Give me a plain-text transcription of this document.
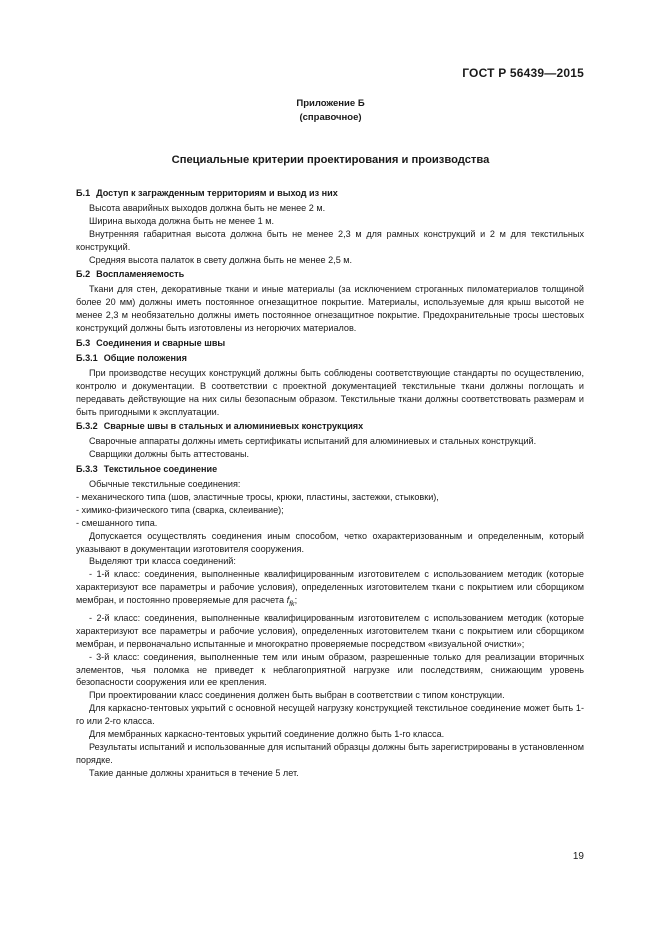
ГОСТ Р 56439—2015
Приложение Б
(справочное)
Специальные критерии проектирования и производства

Б.1 Доступ к загражденным территориям и выход из них

Высота аварийных выходов должна быть не менее 2 м.

Ширина выхода должна быть не менее 1 м.

Внутренняя габаритная высота должна быть не менее 2,3 м для рамных конструкций и 2 м для текстильных конструкций.

Средняя высота палаток в свету должна быть не менее 2,5 м.

Б.2 Воспламеняемость

Ткани для стен, декоративные ткани и иные материалы (за исключением строганных пиломатериалов толщиной более 20 мм) должны иметь постоянное огнезащитное покрытие. Материалы, используемые для крыш высотой не менее 2,3 м необязательно должны иметь постоянное огнезащитное покрытие. Предохранительные тросы шестовых конструкций должны быть изготовлены из негорючих материалов.

Б.3 Соединения и сварные швы

Б.3.1 Общие положения

При производстве несущих конструкций должны быть соблюдены соответствующие стандарты по осуществлению, контролю и документации. В соответствии с проектной документацией текстильные ткани должны поглощать и передавать действующие на них силы безопасным образом. Текстильные ткани должны соответствовать размерам и быть пригодными к эксплуатации.

Б.3.2 Сварные швы в стальных и алюминиевых конструкциях

Сварочные аппараты должны иметь сертификаты испытаний для алюминиевых и стальных конструкций.

Сварщики должны быть аттестованы.

Б.3.3 Текстильное соединение

Обычные текстильные соединения:

- механического типа (шов, эластичные тросы, крюки, пластины, застежки, стыковки),

- химико-физического типа (сварка, склеивание);

- смешанного типа.

Допускается осуществлять соединения иным способом, четко охарактеризованным и определенным, который указывают в документации изготовителя сооружения.

Выделяют три класса соединений:

- 1-й класс: соединения, выполненные квалифицированным изготовителем с использованием методик (которые характеризуют все параметры и рабочие условия), определенных изготовителем ткани с покрытием или сборщиком мембран, и постоянно проверяемые для расчета $f_{fk}$;

- 2-й класс: соединения, выполненные квалифицированным изготовителем с использованием методик (которые характеризуют все параметры и рабочие условия), определенных изготовителем ткани с покрытием или сборщиком мембран, и первоначально испытанные и многократно проверяемые посредством «визуальной очистки»;

- 3-й класс: соединения, выполненные тем или иным образом, разрешенные только для реализации вторичных элементов, чья поломка не приведет к неблагоприятной нагрузке или последствиям, снижающим уровень безопасности сооружения или ее крепления.

При проектировании класс соединения должен быть выбран в соответствии с типом конструкции.

Для каркасно-тентовых укрытий с основной несущей нагрузку конструкцией текстильное соединение может быть 1-го или 2-го класса.

Для мембранных каркасно-тентовых укрытий соединение должно быть 1-го класса.

Результаты испытаний и использованные для испытаний образцы должны быть зарегистрированы в установленном порядке.

Такие данные должны храниться в течение 5 лет.

19
